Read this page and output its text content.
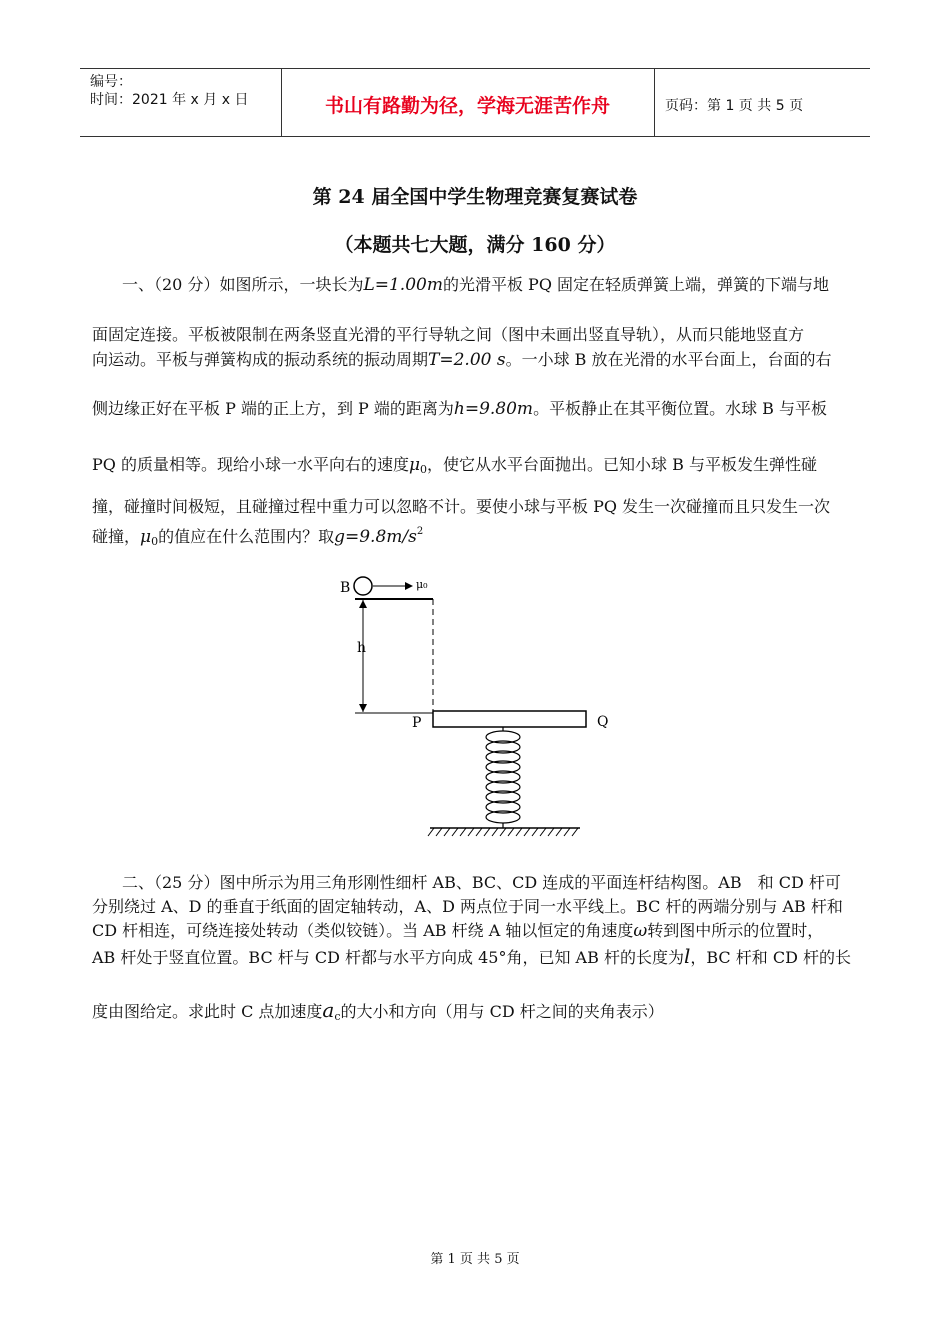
编号：
时间：2021 年 x 月 x 日	书山有路勤为径，学海无涯苦作舟	页码：第 1 页 共 5 页
第 24 届全国中学生物理竞赛复赛试卷
（本题共七大题，满分 160 分）
一、（20 分）如图所示，一块长为L=1.00m的光滑平板 PQ 固定在轻质弹簧上端，弹簧的下端与地
面固定连接。平板被限制在两条竖直光滑的平行导轨之间（图中未画出竖直导轨），从而只能地竖直方
向运动。平板与弹簧构成的振动系统的振动周期T=2.00 s。一小球 B 放在光滑的水平台面上，台面的右
侧边缘正好在平板 P 端的正上方，到 P 端的距离为h=9.80m。平板静止在其平衡位置。水球 B 与平板
PQ 的质量相等。现给小球一水平向右的速度$\mu_0$，使它从水平台面抛出。已知小球 B 与平板发生弹性碰
撞，碰撞时间极短，且碰撞过程中重力可以忽略不计。要使小球与平板 PQ 发生一次碰撞而且只发生一次
碰撞，$\mu_0$的值应在什么范围内？取$g=9.8m/s^2$
B	μ₀
h
P	Q
二、（25 分）图中所示为用三角形刚性细杆 AB、BC、CD 连成的平面连杆结构图。AB　和 CD 杆可
分别绕过 A、D 的垂直于纸面的固定轴转动，A、D 两点位于同一水平线上。BC 杆的两端分别与 AB 杆和
CD 杆相连，可绕连接处转动（类似铰链）。当 AB 杆绕 A 轴以恒定的角速度ω转到图中所示的位置时，
AB 杆处于竖直位置。BC 杆与 CD 杆都与水平方向成 45°角，已知 AB 杆的长度为l，BC 杆和 CD 杆的长
度由图给定。求此时 C 点加速度$a_c$的大小和方向（用与 CD 杆之间的夹角表示）
第 1 页 共 5 页
